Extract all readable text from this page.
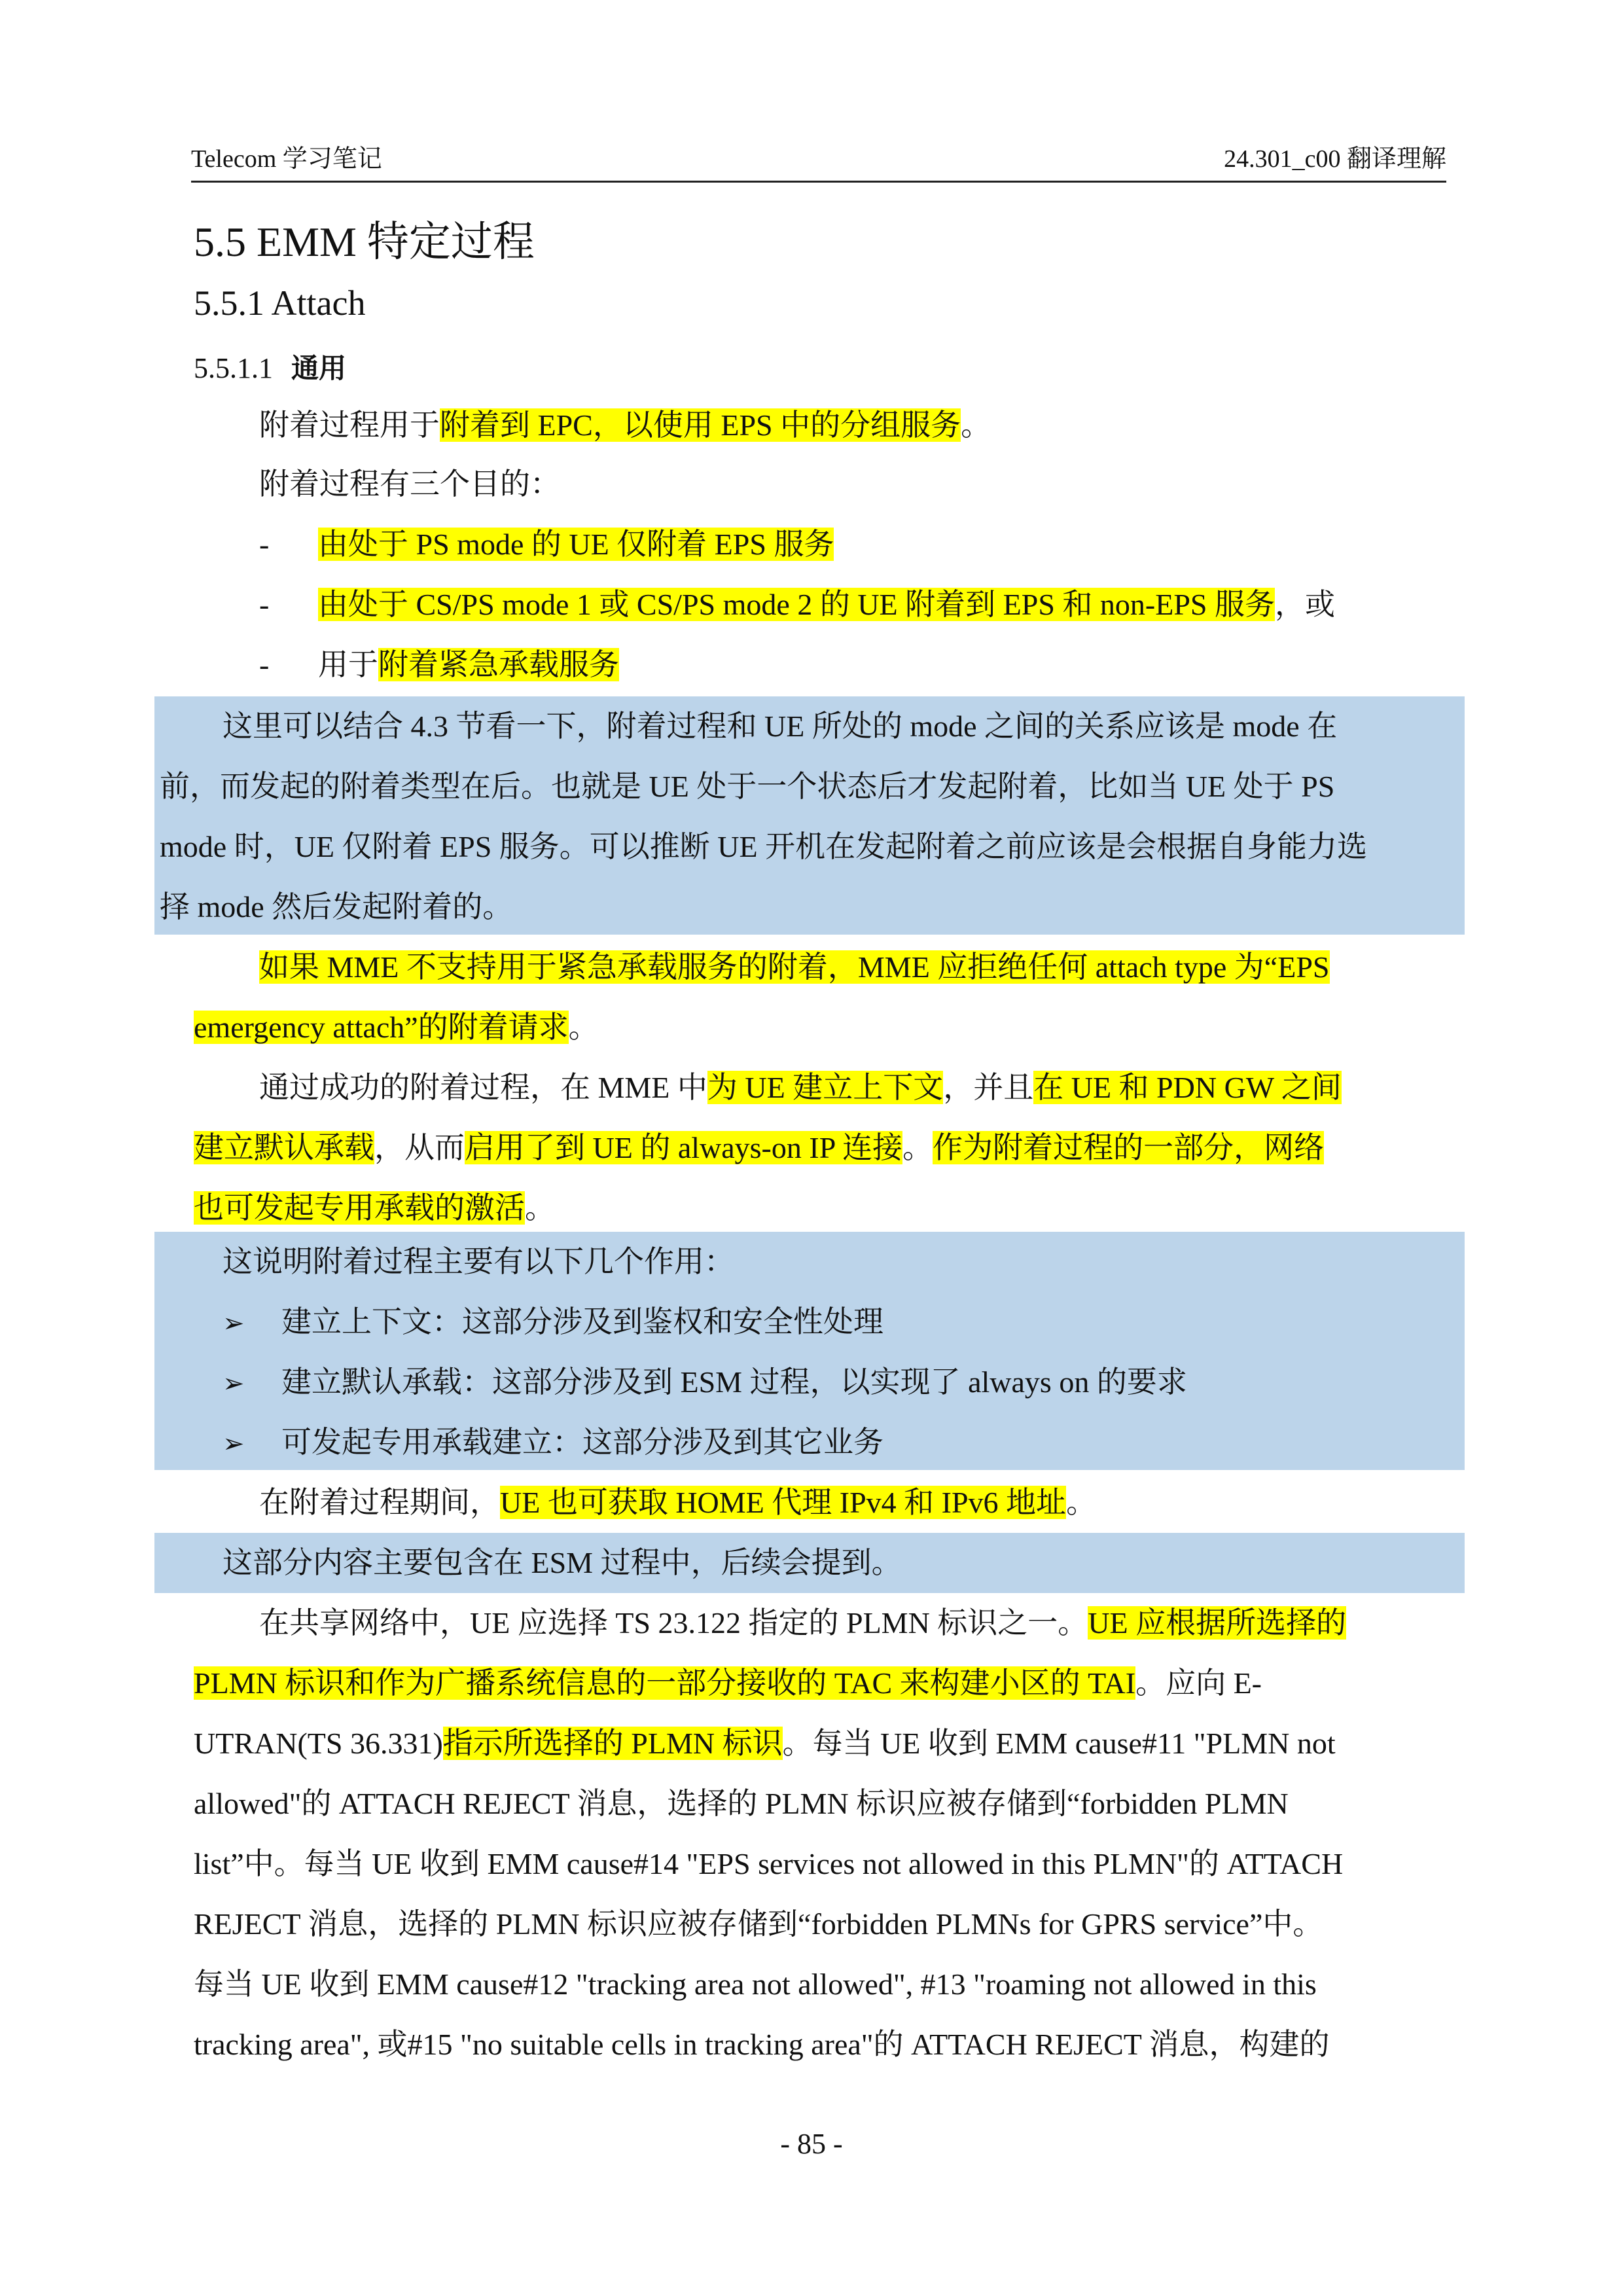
Telecom 学习笔记	24.301_c00 翻译理解
5.5 EMM 特定过程
5.5.1 Attach
5.5.1.1 通用
附着过程用于附着到 EPC，以使用 EPS 中的分组服务。
附着过程有三个目的：
- 由处于 PS mode 的 UE 仅附着 EPS 服务
- 由处于 CS/PS mode 1 或 CS/PS mode 2 的 UE 附着到 EPS 和 non-EPS 服务，或
- 用于附着紧急承载服务
这里可以结合 4.3 节看一下，附着过程和 UE 所处的 mode 之间的关系应该是 mode 在
前，而发起的附着类型在后。也就是 UE 处于一个状态后才发起附着，比如当 UE 处于 PS
mode 时，UE 仅附着 EPS 服务。可以推断 UE 开机在发起附着之前应该是会根据自身能力选
择 mode 然后发起附着的。
如果 MME 不支持用于紧急承载服务的附着，MME 应拒绝任何 attach type 为“EPS
emergency attach”的附着请求。
通过成功的附着过程，在 MME 中为 UE 建立上下文，并且在 UE 和 PDN GW 之间
建立默认承载，从而启用了到 UE 的 always-on IP 连接。作为附着过程的一部分，网络
也可发起专用承载的激活。
这说明附着过程主要有以下几个作用：
➢ 建立上下文：这部分涉及到鉴权和安全性处理
➢ 建立默认承载：这部分涉及到 ESM 过程，以实现了 always on 的要求
➢ 可发起专用承载建立：这部分涉及到其它业务
在附着过程期间，UE 也可获取 HOME 代理 IPv4 和 IPv6 地址。
这部分内容主要包含在 ESM 过程中，后续会提到。
在共享网络中，UE 应选择 TS 23.122 指定的 PLMN 标识之一。UE 应根据所选择的
PLMN 标识和作为广播系统信息的一部分接收的 TAC 来构建小区的 TAI。应向 E-
UTRAN(TS 36.331)指示所选择的 PLMN 标识。每当 UE 收到 EMM cause#11 "PLMN not
allowed"的 ATTACH REJECT 消息，选择的 PLMN 标识应被存储到“forbidden PLMN
list”中。每当 UE 收到 EMM cause#14 "EPS services not allowed in this PLMN"的 ATTACH
REJECT 消息，选择的 PLMN 标识应被存储到“forbidden PLMNs for GPRS service”中。
每当 UE 收到 EMM cause#12 "tracking area not allowed", #13 "roaming not allowed in this
tracking area", 或#15 "no suitable cells in tracking area"的 ATTACH REJECT 消息，构建的
- 85 -
